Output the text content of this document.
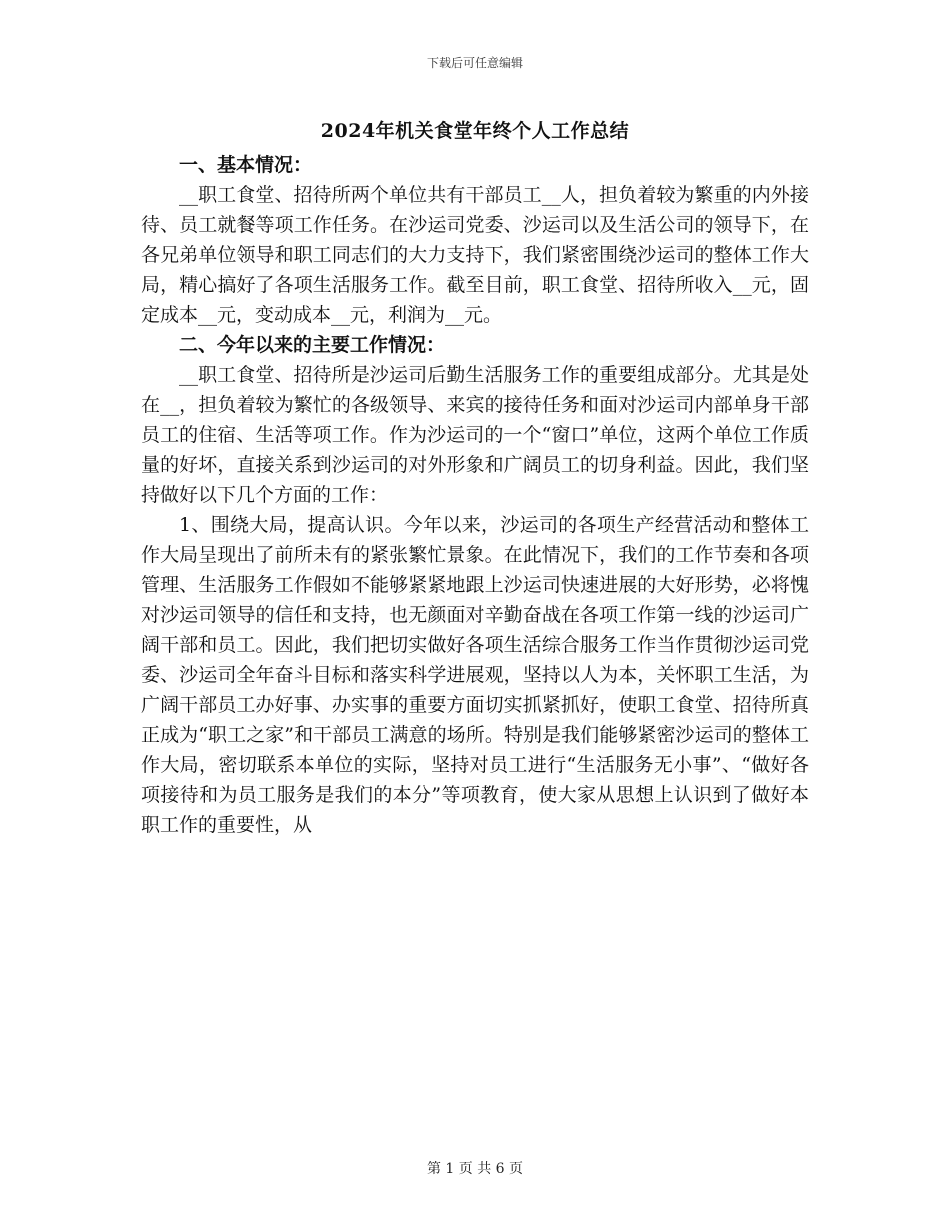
下载后可任意编辑
2024年机关食堂年终个人工作总结

一、基本情况：

__职工食堂、招待所两个单位共有干部员工__人，担负着较为繁重的内外接待、员工就餐等项工作任务。在沙运司党委、沙运司以及生活公司的领导下，在各兄弟单位领导和职工同志们的大力支持下，我们紧密围绕沙运司的整体工作大局，精心搞好了各项生活服务工作。截至目前，职工食堂、招待所收入__元，固定成本__元，变动成本__元，利润为__元。

二、今年以来的主要工作情况：

__职工食堂、招待所是沙运司后勤生活服务工作的重要组成部分。尤其是处在__，担负着较为繁忙的各级领导、来宾的接待任务和面对沙运司内部单身干部员工的住宿、生活等项工作。作为沙运司的一个“窗口”单位，这两个单位工作质量的好坏，直接关系到沙运司的对外形象和广阔员工的切身利益。因此，我们坚持做好以下几个方面的工作：

1、围绕大局，提高认识。今年以来，沙运司的各项生产经营活动和整体工作大局呈现出了前所未有的紧张繁忙景象。在此情况下，我们的工作节奏和各项管理、生活服务工作假如不能够紧紧地跟上沙运司快速进展的大好形势，必将愧对沙运司领导的信任和支持，也无颜面对辛勤奋战在各项工作第一线的沙运司广阔干部和员工。因此，我们把切实做好各项生活综合服务工作当作贯彻沙运司党委、沙运司全年奋斗目标和落实科学进展观，坚持以人为本，关怀职工生活，为广阔干部员工办好事、办实事的重要方面切实抓紧抓好，使职工食堂、招待所真正成为“职工之家”和干部员工满意的场所。特别是我们能够紧密沙运司的整体工作大局，密切联系本单位的实际，坚持对员工进行“生活服务无小事”、“做好各项接待和为员工服务是我们的本分”等项教育，使大家从思想上认识到了做好本职工作的重要性，从

第 1 页 共 6 页
